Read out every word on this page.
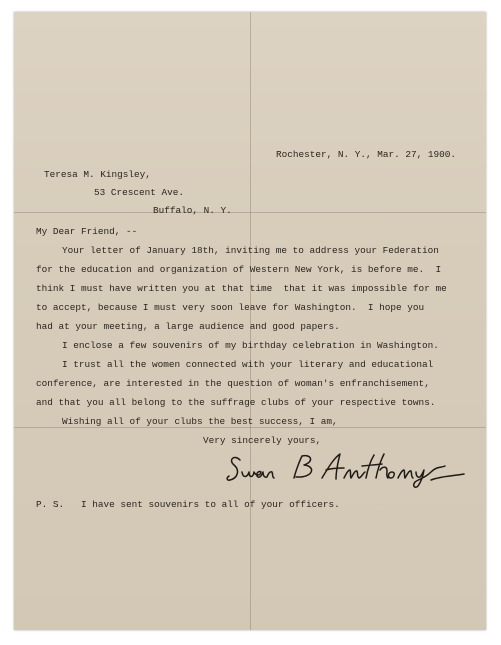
Rochester, N. Y., Mar. 27, 1900.
Teresa M. Kingsley,
53 Crescent Ave.
Buffalo, N. Y.
My Dear Friend, --
Your letter of January 18th, inviting me to address your Federation
for the education and organization of Western New York, is before me.  I
think I must have written you at that time  that it was impossible for me
to accept, because I must very soon leave for Washington.  I hope you
had at your meeting, a large audience and good papers.
I enclose a few souvenirs of my birthday celebration in Washington.
I trust all the women connected with your literary and educational
conference, are interested in the question of woman's enfranchisement,
and that you all belong to the suffrage clubs of your respective towns.
Wishing all of your clubs the best success, I am,
Very sincerely yours,
P. S.   I have sent souvenirs to all of your officers.
